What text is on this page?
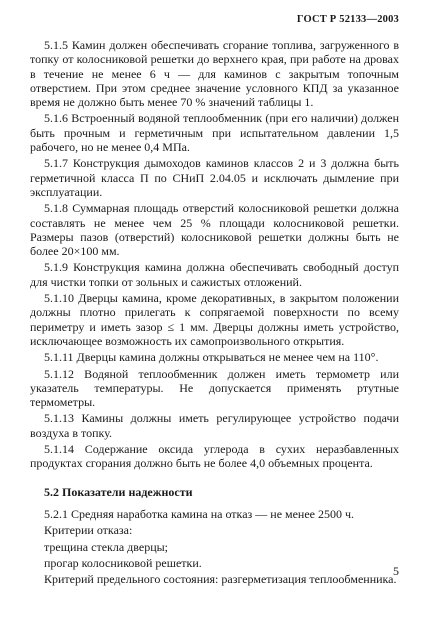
ГОСТ Р 52133—2003

5.1.5 Камин должен обеспечивать сгорание топлива, загруженного в топку от колосниковой решетки до верхнего края, при работе на дровах в течение не менее 6 ч — для каминов с закрытым топочным отверстием. При этом среднее значение условного КПД за указанное время не должно быть менее 70 % значений таблицы 1.

5.1.6 Встроенный водяной теплообменник (при его наличии) должен быть прочным и герметичным при испытательном давлении 1,5 рабочего, но не менее 0,4 МПа.

5.1.7 Конструкция дымоходов каминов классов 2 и 3 должна быть герметичной класса П по СНиП 2.04.05 и исключать дымление при эксплуатации.

5.1.8 Суммарная площадь отверстий колосниковой решетки должна составлять не менее чем 25 % площади колосниковой решетки. Размеры пазов (отверстий) колосниковой решетки должны быть не более 20×100 мм.

5.1.9 Конструкция камина должна обеспечивать свободный доступ для чистки топки от зольных и сажистых отложений.

5.1.10 Дверцы камина, кроме декоративных, в закрытом положении должны плотно прилегать к сопрягаемой поверхности по всему периметру и иметь зазор ≤ 1 мм. Дверцы должны иметь устройство, исключающее возможность их самопроизвольного открытия.

5.1.11 Дверцы камина должны открываться не менее чем на 110°.

5.1.12 Водяной теплообменник должен иметь термометр или указатель температуры. Не допускается применять ртутные термометры.

5.1.13 Камины должны иметь регулирующее устройство подачи воздуха в топку.

5.1.14 Содержание оксида углерода в сухих неразбавленных продуктах сгорания должно быть не более 4,0 объемных процента.

5.2 Показатели надежности

5.2.1 Средняя наработка камина на отказ — не менее 2500 ч.

Критерии отказа:

трещина стекла дверцы;

прогар колосниковой решетки.

Критерий предельного состояния: разгерметизация теплообменника.

5
